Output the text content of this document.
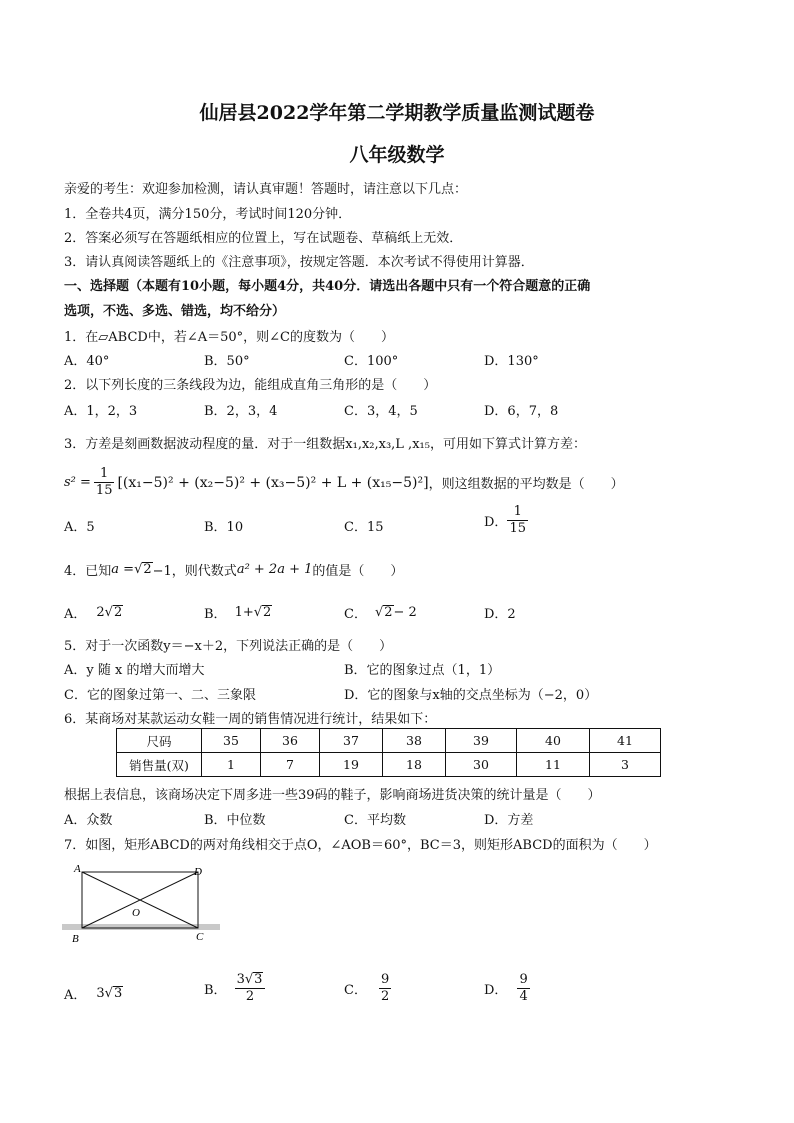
仙居县2022学年第二学期教学质量监测试题卷
八年级数学
亲爱的考生：欢迎参加检测，请认真审题！答题时，请注意以下几点：
1．全卷共4页，满分150分，考试时间120分钟．
2．答案必须写在答题纸相应的位置上，写在试题卷、草稿纸上无效．
3．请认真阅读答题纸上的《注意事项》，按规定答题．本次考试不得使用计算器．
一、选择题（本题有10小题，每小题4分，共40分．请选出各题中只有一个符合题意的正确
选项，不选、多选、错选，均不给分）
1．在▱ABCD中，若∠A＝50°，则∠C的度数为（　　）
A．40°	B．50°	C．100°	D．130°
2．以下列长度的三条线段为边，能组成直角三角形的是（　　）
A．1，2，3	B．2，3，4	C．3，4，5	D．6，7，8
3．方差是刻画数据波动程度的量．对于一组数据x₁,x₂,x₃,L ,x₁₅，可用如下算式计算方差：
$s^2 = \frac{1}{15} [(x_1-5)^2 + (x_2-5)^2 + (x_3-5)^2 + L + (x_{15}-5)^2]$ ，则这组数据的平均数是（　　）
A．5	B．10	C．15	D． $\frac{1}{15}$
4．已知 a = √ 2 −1，则代数式 a² + 2a + 1 的值是（　　）
A． 2 √ 2	B． 1+ √ 2	C． √ 2 − 2	D．2
5．对于一次函数y＝−x＋2，下列说法正确的是（　　）
A．y 随 x 的增大而增大	B．它的图象过点（1，1）
C．它的图象过第一、二、三象限	D．它的图象与x轴的交点坐标为（−2，0）
6．某商场对某款运动女鞋一周的销售情况进行统计，结果如下：
尺码	35	36	37	38	39	40	41
销售量(双)	1	7	19	18	30	11	3
根据上表信息，该商场决定下周多进一些39码的鞋子，影响商场进货决策的统计量是（　　）
A．众数	B．中位数	C．平均数	D．方差
7．如图，矩形ABCD的两对角线相交于点O，∠AOB＝60°，BC＝3，则矩形ABCD的面积为（　　）
A
B	C
D
O
A． 3 √ 3	B． $\frac{3√3}{2}$	C． $\frac{9}{2}$	D． $\frac{9}{4}$
